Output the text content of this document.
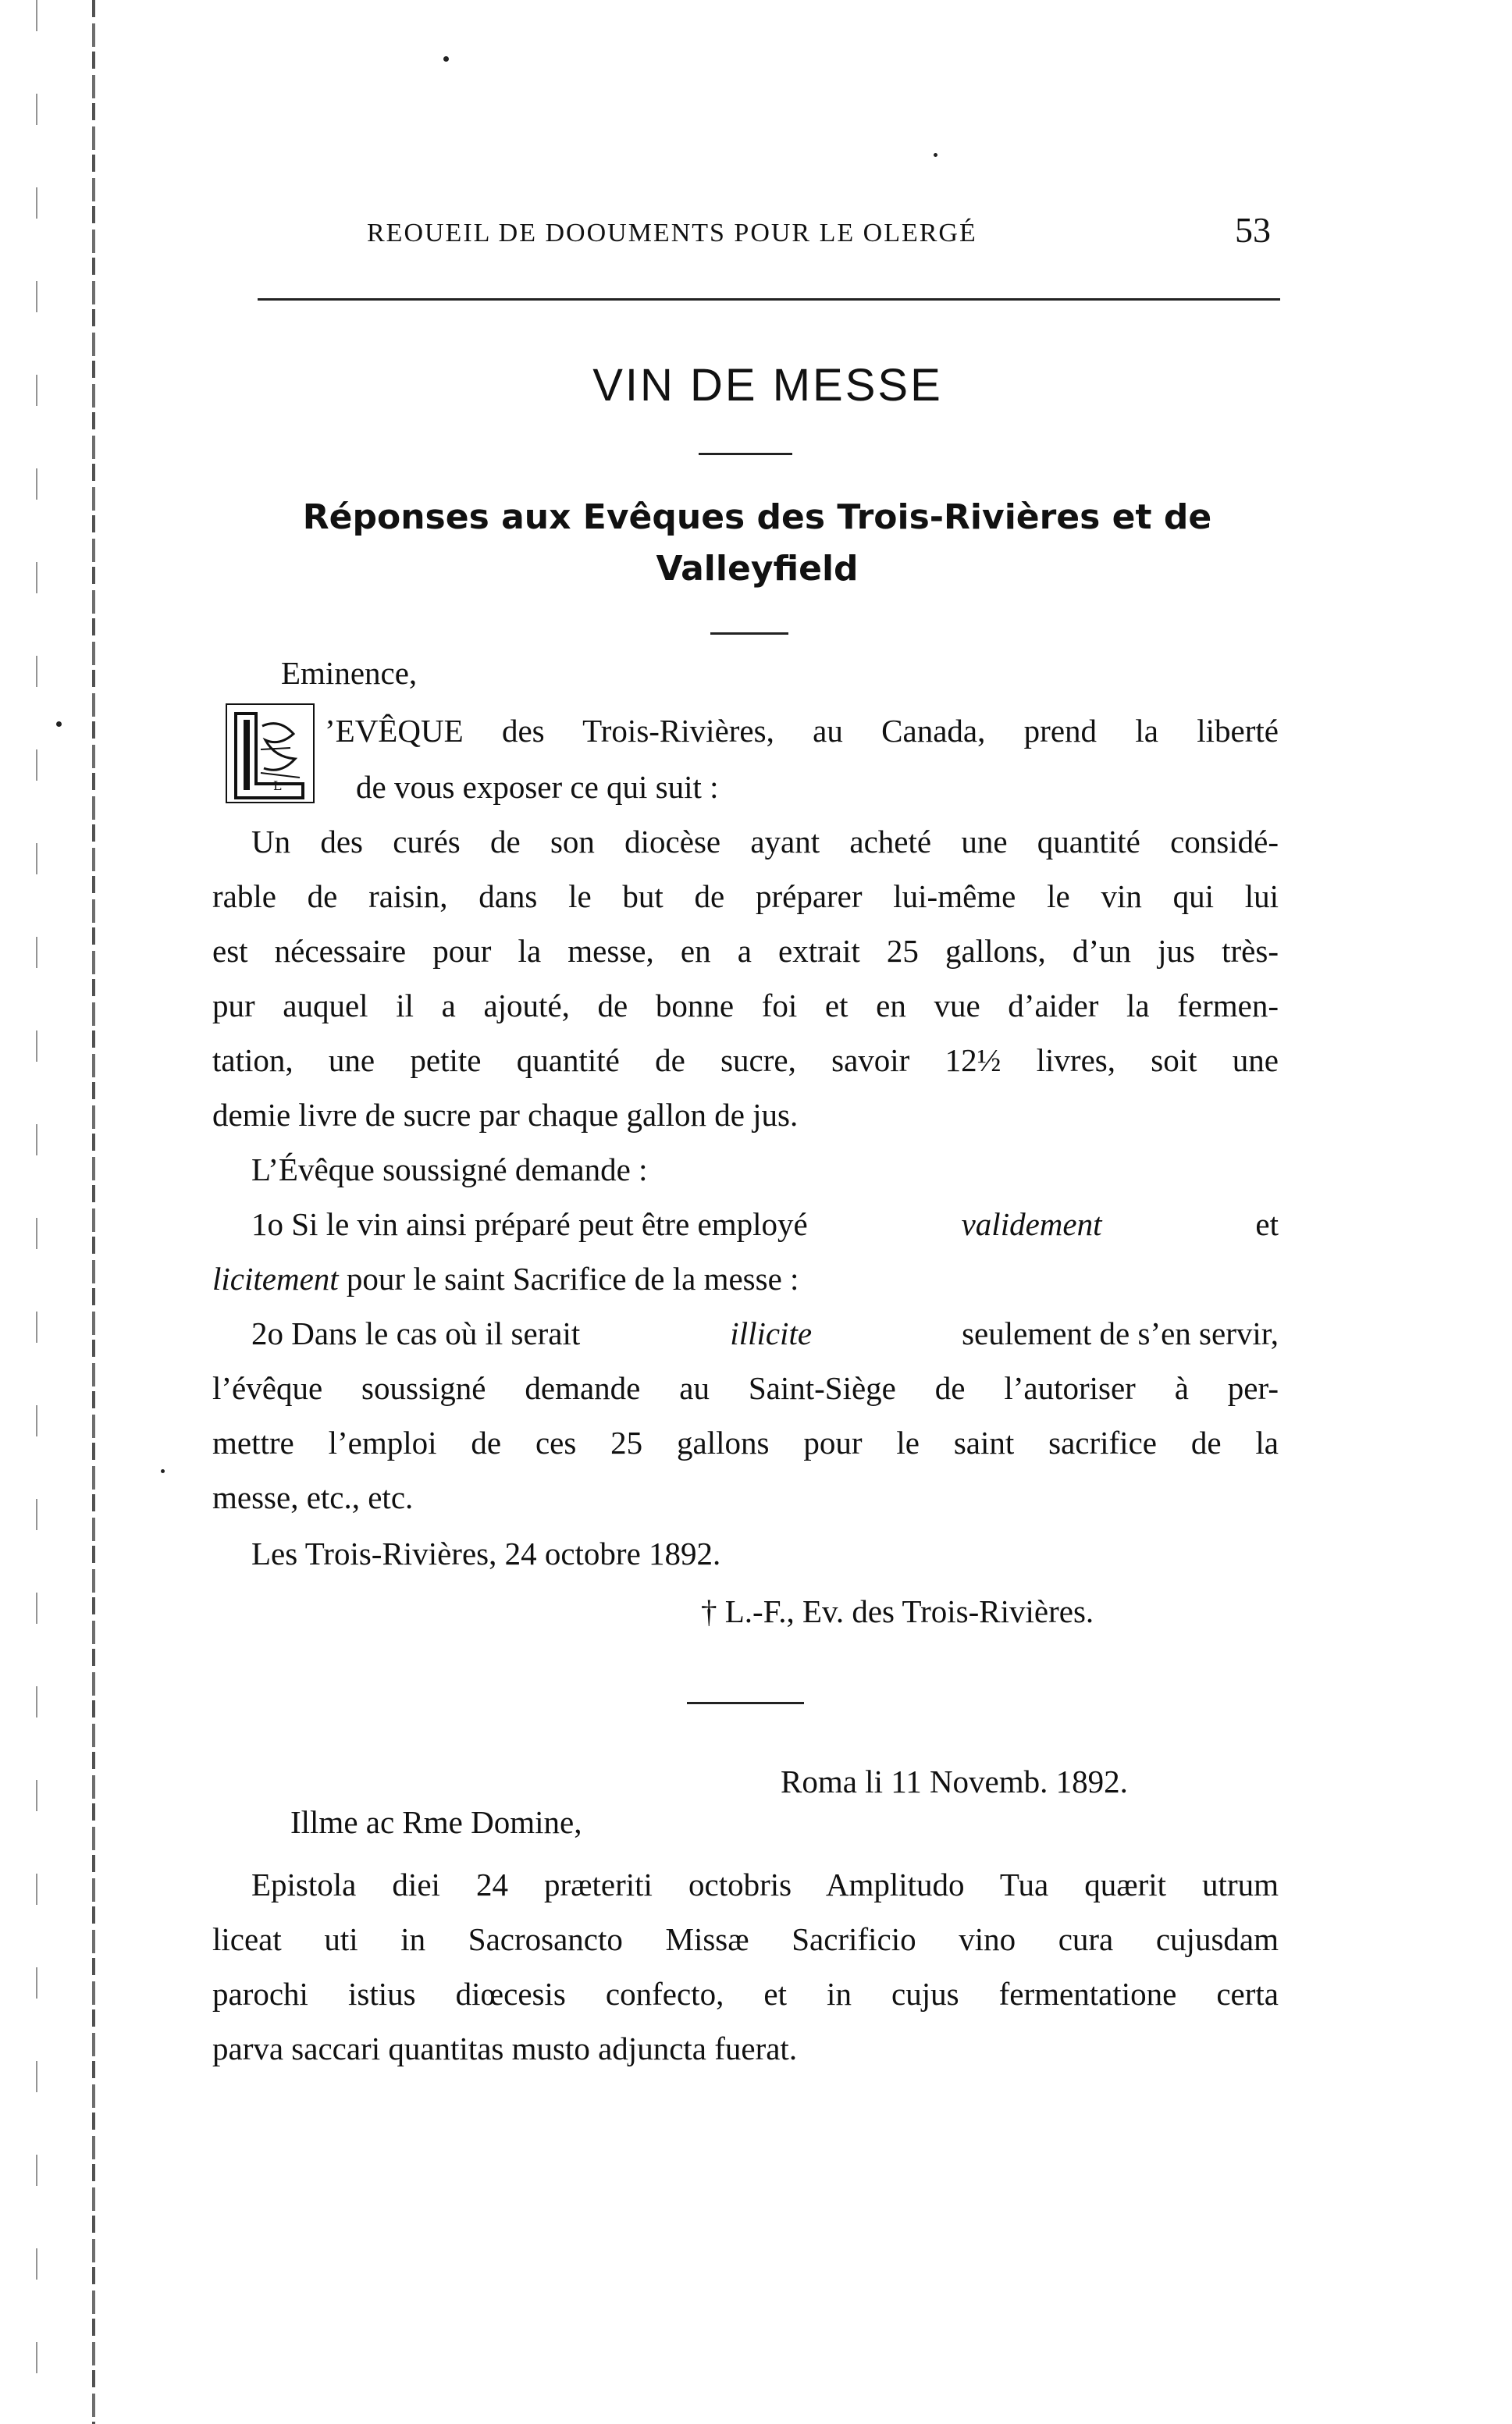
REOUEIL DE DOOUMENTS POUR LE OLERGÉ	53
VIN DE MESSE
Réponses aux Evêques des Trois-Rivières et de
Valleyfield
Eminence,
L
’EVÊQUE des Trois-Rivières, au Canada, prend la liberté
de vous exposer ce qui suit :
Un des curés de son diocèse ayant acheté une quantité considé-
rable de raisin, dans le but de préparer lui-même le vin qui lui
est nécessaire pour la messe, en a extrait 25 gallons, d’un jus très-
pur auquel il a ajouté, de bonne foi et en vue d’aider la fermen-
tation, une petite quantité de sucre, savoir 12½ livres, soit une
demie livre de sucre par chaque gallon de jus.
L’Évêque soussigné demande :
1o Si le vin ainsi préparé peut être employé	validement	et
licitement pour le saint Sacrifice de la messe :
2o Dans le cas où il serait	illicite	seulement de s’en servir,
l’évêque soussigné demande au Saint-Siège de l’autoriser à per-
mettre l’emploi de ces 25 gallons pour le saint sacrifice de la
messe, etc., etc.
Les Trois-Rivières, 24 octobre 1892.
† L.-F., Ev. des Trois-Rivières.
Roma li 11 Novemb. 1892.
Illme ac Rme Domine,
Epistola diei 24 præteriti octobris Amplitudo Tua quærit utrum
liceat uti in Sacrosancto Missæ Sacrificio vino cura cujusdam
parochi istius diœcesis confecto, et in cujus fermentatione certa
parva saccari quantitas musto adjuncta fuerat.
